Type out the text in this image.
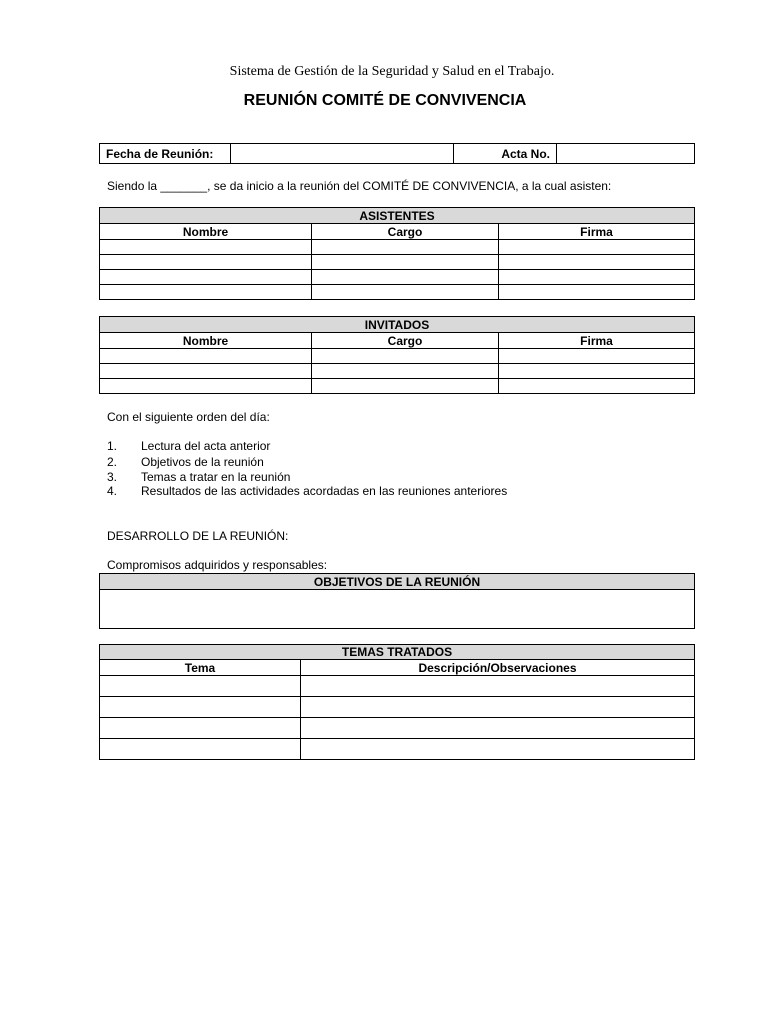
Sistema de Gestión de la Seguridad y Salud en el Trabajo.
REUNIÓN COMITÉ DE CONVIVENCIA
Fecha de Reunión:		Acta No.	
Siendo la _______, se da inicio a la reunión del COMITÉ DE CONVIVENCIA, a la cual asisten:
ASISTENTES		
Nombre	Cargo	Firma

INVITADOS		
Nombre	Cargo	Firma

Con el siguiente orden del día:
1. Lectura del acta anterior
2. Objetivos de la reunión
3. Temas a tratar en la reunión
4. Resultados de las actividades acordadas en las reuniones anteriores
DESARROLLO DE LA REUNIÓN:
Compromisos adquiridos y responsables:
OBJETIVOS DE LA REUNIÓN

TEMAS TRATADOS	
Tema	Descripción/Observaciones
